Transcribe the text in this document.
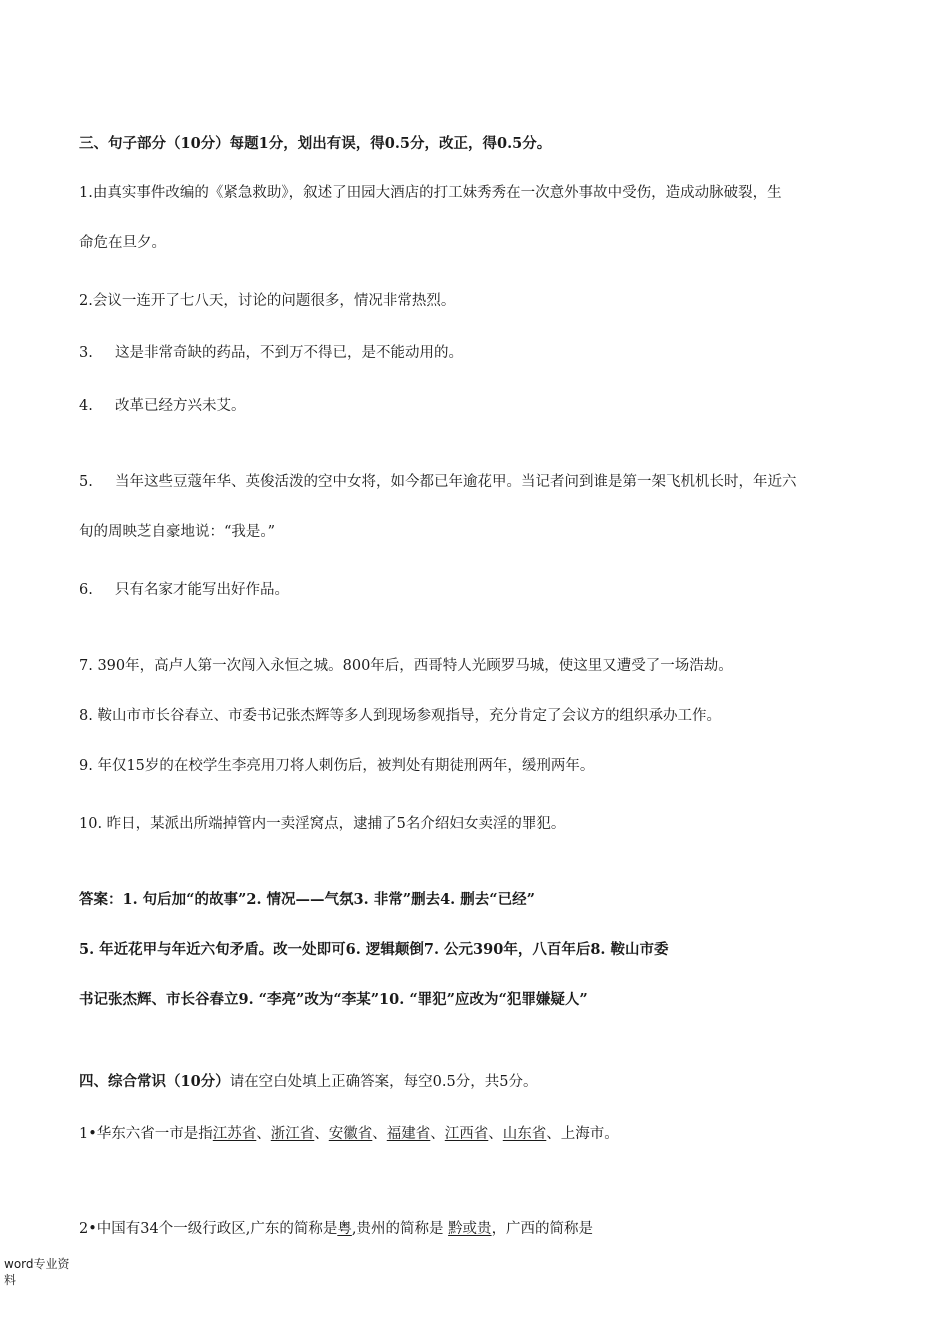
三、句子部分（10分）每题1分，划出有误，得0.5分，改正，得0.5分。
1.由真实事件改编的《紧急救助》，叙述了田园大酒店的打工妹秀秀在一次意外事故中受伤，造成动脉破裂，生
命危在旦夕。
2.会议一连开了七八天，讨论的问题很多，情况非常热烈。
3. 这是非常奇缺的药品，不到万不得已，是不能动用的。
4. 改革已经方兴未艾。
5. 当年这些豆蔻年华、英俊活泼的空中女将，如今都已年逾花甲。当记者问到谁是第一架飞机机长时，年近六
旬的周映芝自豪地说：“我是。”
6. 只有名家才能写出好作品。
7. 390年，高卢人第一次闯入永恒之城。800年后，西哥特人光顾罗马城，使这里又遭受了一场浩劫。
8. 鞍山市市长谷春立、市委书记张杰辉等多人到现场参观指导，充分肯定了会议方的组织承办工作。
9. 年仅15岁的在校学生李亮用刀将人刺伤后，被判处有期徒刑两年，缓刑两年。
10. 昨日，某派出所端掉管内一卖淫窝点，逮捕了5名介绍妇女卖淫的罪犯。
答案：1. 句后加“的故事”2. 情况——气氛3. 非常”删去4. 删去“已经”
5. 年近花甲与年近六旬矛盾。改一处即可6. 逻辑颠倒7. 公元390年，八百年后8. 鞍山市委
书记张杰辉、市长谷春立9. “李亮”改为“李某”10. “罪犯”应改为“犯罪嫌疑人”
四、综合常识（10分）请在空白处填上正确答案，每空0.5分，共5分。
1•华东六省一市是指江苏省、浙江省、安徽省、福建省、江西省、山东省、上海市。
2•中国有34个一级行政区,广东的简称是粤,贵州的简称是 黔或贵，广西的简称是
word专业资
料
